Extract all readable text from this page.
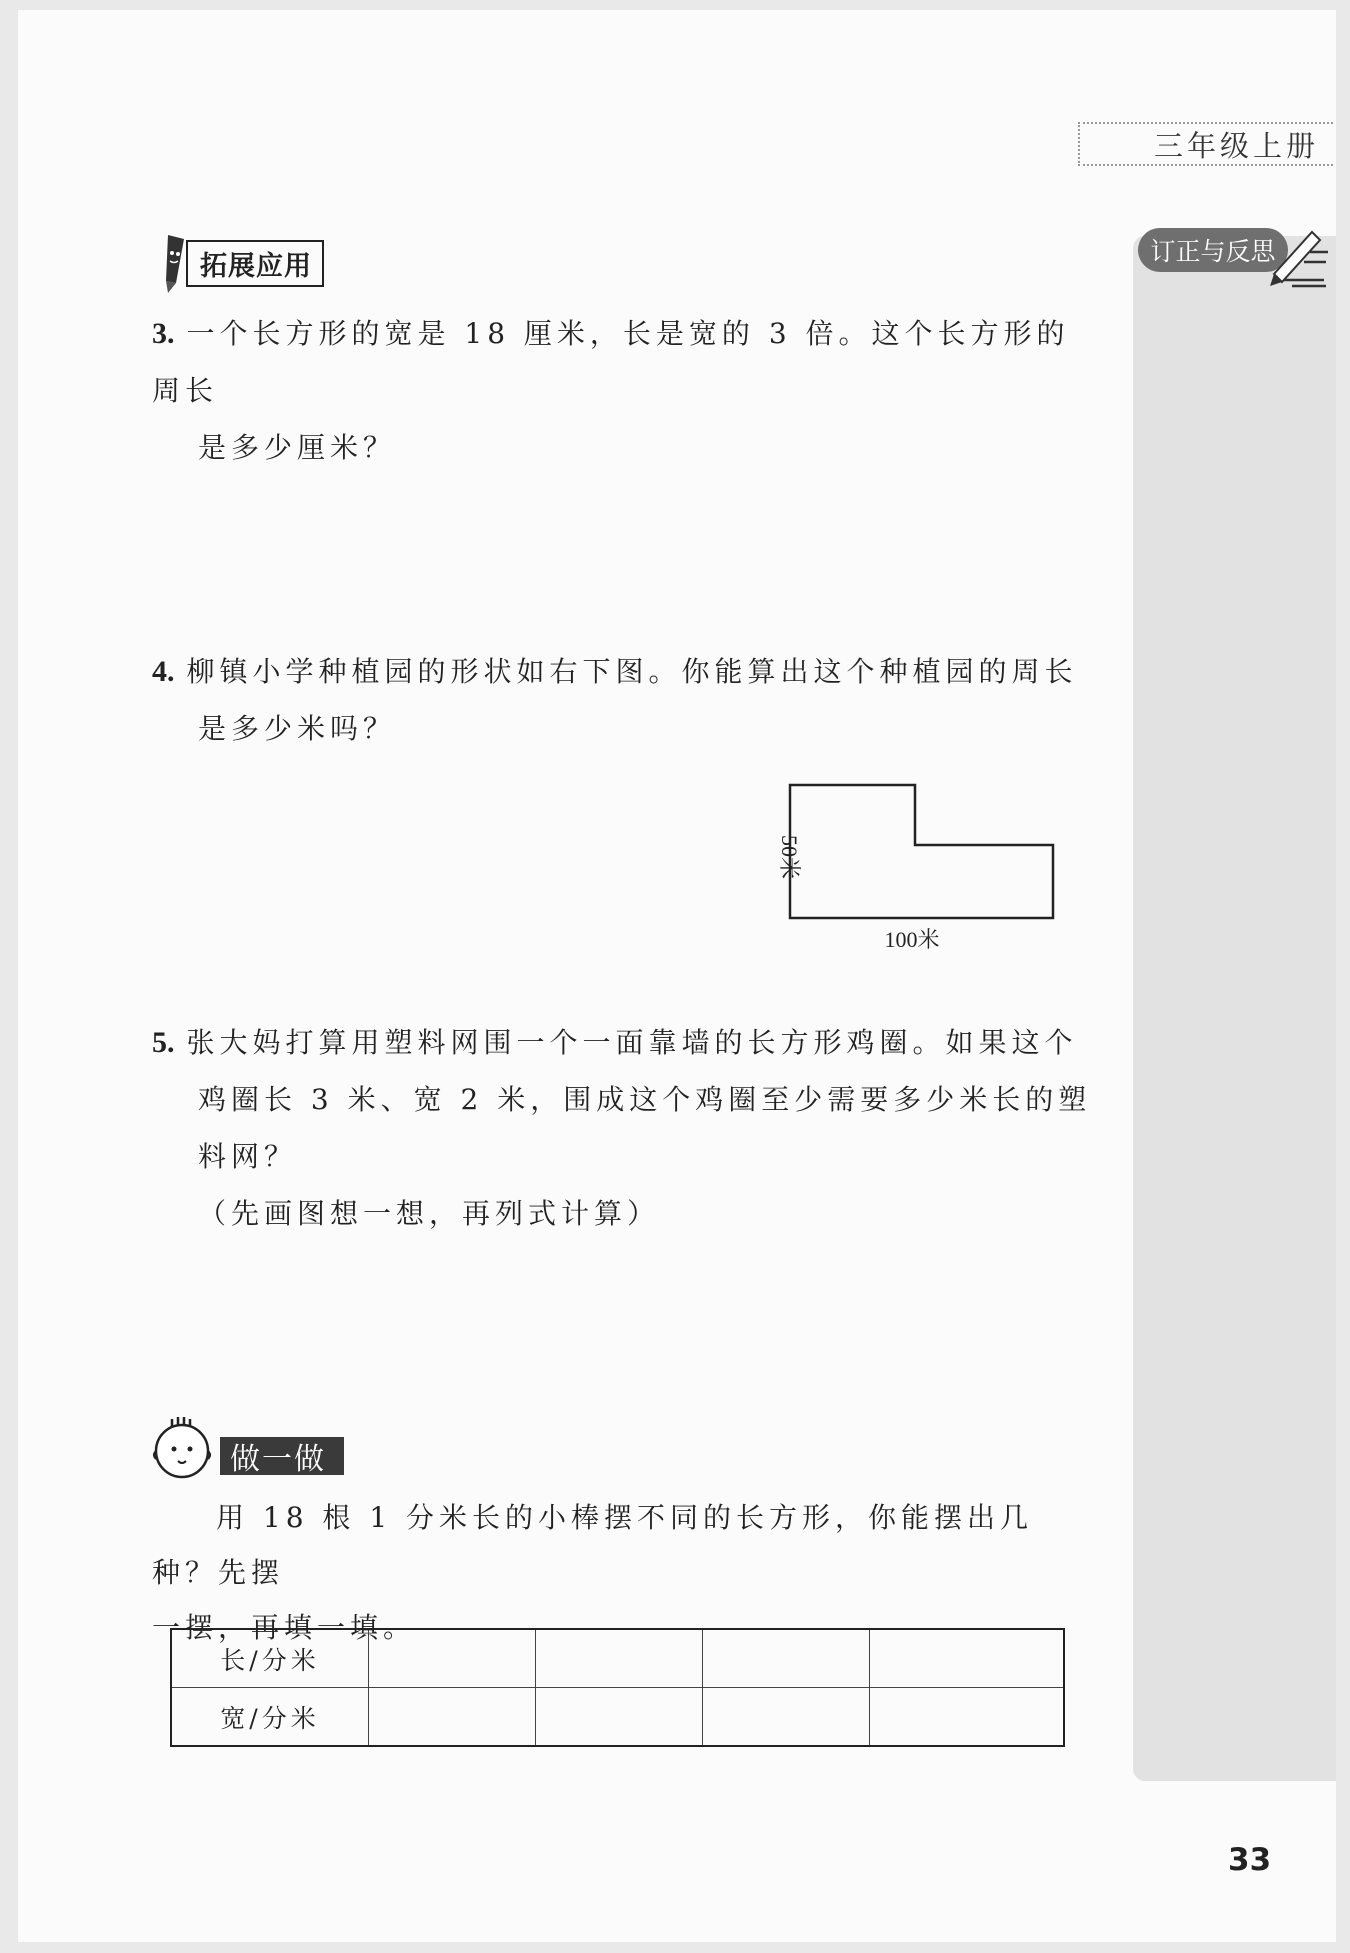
三年级上册
订正与反思
拓展应用
3. 一个长方形的宽是 18 厘米，长是宽的 3 倍。这个长方形的周长
是多少厘米？
4. 柳镇小学种植园的形状如右下图。你能算出这个种植园的周长
是多少米吗？
50米
100米
5. 张大妈打算用塑料网围一个一面靠墙的长方形鸡圈。如果这个
鸡圈长 3 米、宽 2 米，围成这个鸡圈至少需要多少米长的塑料网？
（先画图想一想，再列式计算）
做一做
用 18 根 1 分米长的小棒摆不同的长方形，你能摆出几种？先摆
一摆，再填一填。
长/分米				
宽/分米				
33
